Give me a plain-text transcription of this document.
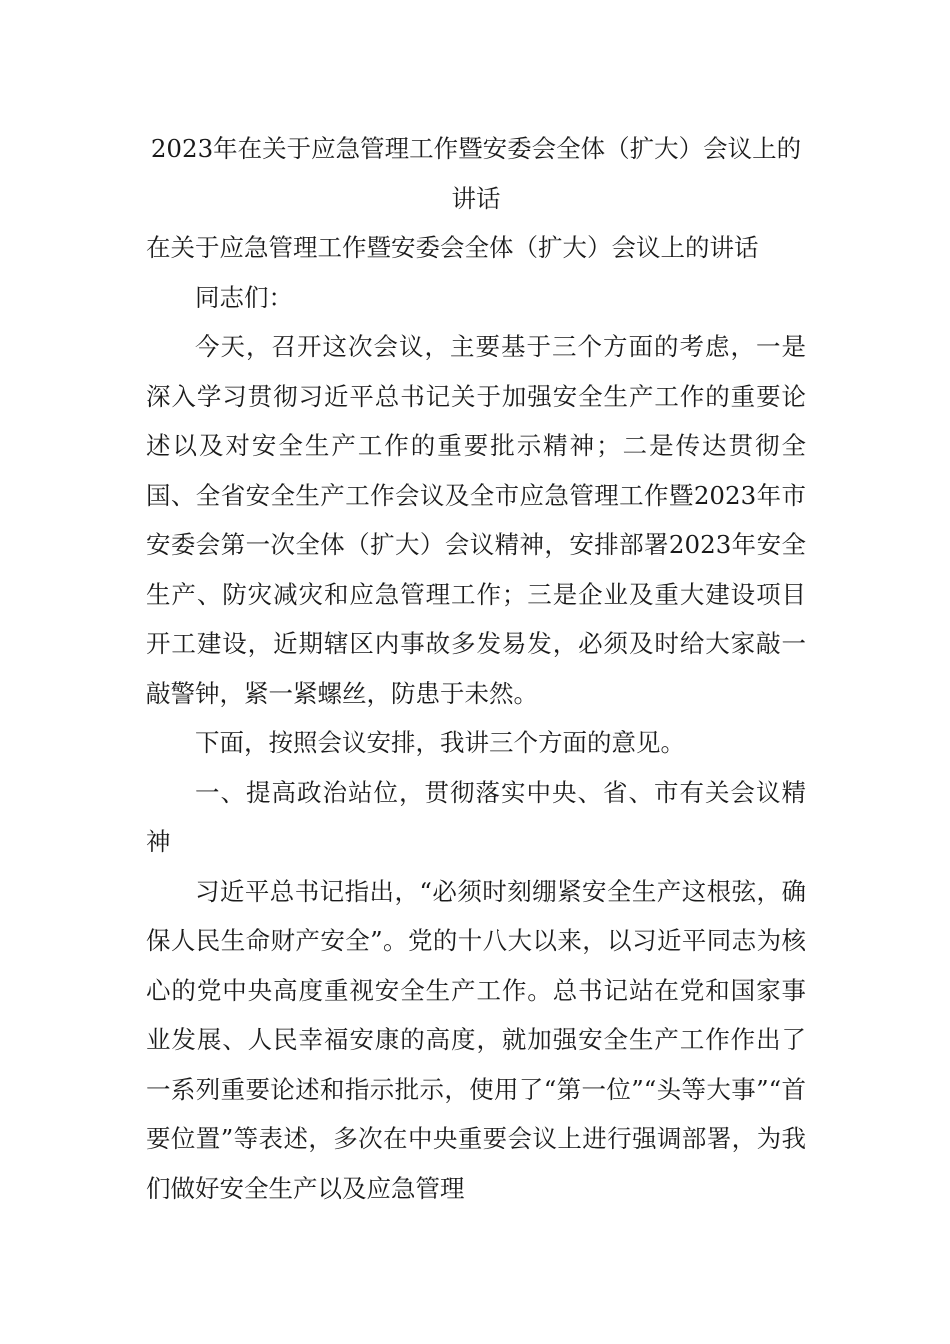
2023年在关于应急管理工作暨安委会全体（扩大）会议上的讲话

在关于应急管理工作暨安委会全体（扩大）会议上的讲话

同志们：

今天，召开这次会议，主要基于三个方面的考虑，一是深入学习贯彻习近平总书记关于加强安全生产工作的重要论述以及对安全生产工作的重要批示精神；二是传达贯彻全国、全省安全生产工作会议及全市应急管理工作暨2023年市安委会第一次全体（扩大）会议精神，安排部署2023年安全生产、防灾减灾和应急管理工作；三是企业及重大建设项目开工建设，近期辖区内事故多发易发，必须及时给大家敲一敲警钟，紧一紧螺丝，防患于未然。

下面，按照会议安排，我讲三个方面的意见。

一、提高政治站位，贯彻落实中央、省、市有关会议精神

习近平总书记指出，“必须时刻绷紧安全生产这根弦，确保人民生命财产安全”。党的十八大以来，以习近平同志为核心的党中央高度重视安全生产工作。总书记站在党和国家事业发展、人民幸福安康的高度，就加强安全生产工作作出了一系列重要论述和指示批示，使用了“第一位”“头等大事”“首要位置”等表述，多次在中央重要会议上进行强调部署，为我们做好安全生产以及应急管理
